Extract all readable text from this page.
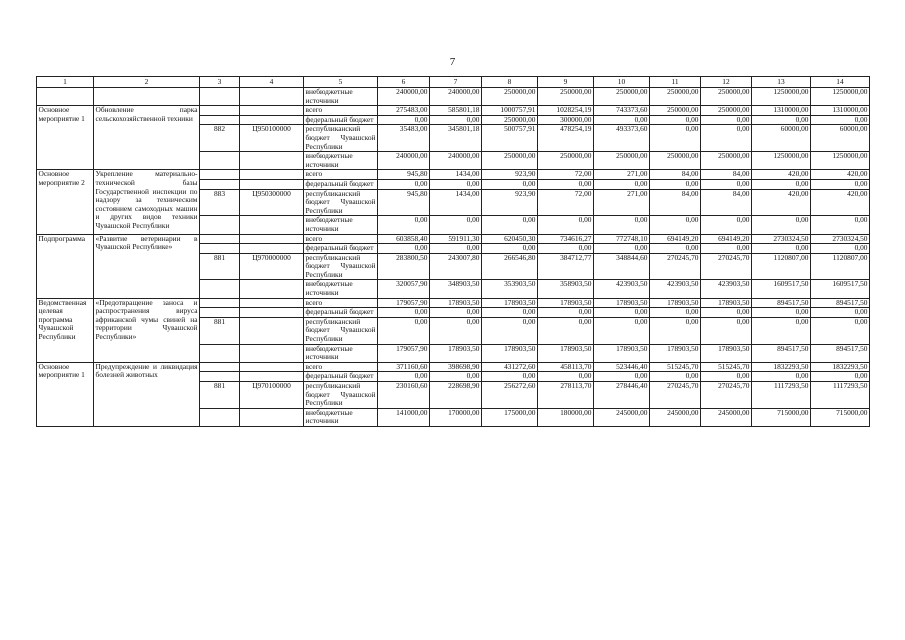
7
1	2	3	4	5	6	7	8	9	10	11	12	13	14
				внебюджетные источники	240000,00	240000,00	250000,00	250000,00	250000,00	250000,00	250000,00	1250000,00	1250000,00
Основное мероприятие 1	Обновление парка сельскохозяйственной техники			всего	275483,00	585801,18	1000757,91	1028254,19	743373,60	250000,00	250000,00	1310000,00	1310000,00
				федеральный бюджет	0,00	0,00	250000,00	300000,00	0,00	0,00	0,00	0,00	0,00
		882	Ц950100000	республиканский бюджет Чувашской Республики	35483,00	345801,18	500757,91	478254,19	493373,60	0,00	0,00	60000,00	60000,00
				внебюджетные источники	240000,00	240000,00	250000,00	250000,00	250000,00	250000,00	250000,00	1250000,00	1250000,00
Основное мероприятие 2	Укрепление материально-технической базы Государственной инспекции по надзору за техническим состоянием самоходных машин и других видов техники Чувашской Республики			всего	945,80	1434,00	923,90	72,00	271,00	84,00	84,00	420,00	420,00
				федеральный бюджет	0,00	0,00	0,00	0,00	0,00	0,00	0,00	0,00	0,00
		883	Ц950300000	республиканский бюджет Чувашской Республики	945,80	1434,00	923,90	72,00	271,00	84,00	84,00	420,00	420,00
				внебюджетные источники	0,00	0,00	0,00	0,00	0,00	0,00	0,00	0,00	0,00
Подпрограмма	«Развитие ветеринарии в Чувашской Республике»			всего	603858,40	591911,30	620450,30	734616,27	772748,10	694149,20	694149,20	2730324,50	2730324,50
				федеральный бюджет	0,00	0,00	0,00	0,00	0,00	0,00	0,00	0,00	0,00
		881	Ц970000000	республиканский бюджет Чувашской Республики	283800,50	243007,80	266546,80	384712,77	348844,60	270245,70	270245,70	1120807,00	1120807,00
				внебюджетные источники	320057,90	348903,50	353903,50	358903,50	423903,50	423903,50	423903,50	1609517,50	1609517,50
Ведомственная целевая программа Чувашской Республики	«Предотвращение заноса и распространения вируса африканской чумы свиней на территории Чувашской Республики»			всего	179057,90	178903,50	178903,50	178903,50	178903,50	178903,50	178903,50	894517,50	894517,50
				федеральный бюджет	0,00	0,00	0,00	0,00	0,00	0,00	0,00	0,00	0,00
		881		республиканский бюджет Чувашской Республики	0,00	0,00	0,00	0,00	0,00	0,00	0,00	0,00	0,00
				внебюджетные источники	179057,90	178903,50	178903,50	178903,50	178903,50	178903,50	178903,50	894517,50	894517,50
Основное мероприятие 1	Предупреждение и ликвидация болезней животных			всего	371160,60	398698,90	431272,60	458113,70	523446,40	515245,70	515245,70	1832293,50	1832293,50
				федеральный бюджет	0,00	0,00	0,00	0,00	0,00	0,00	0,00	0,00	0,00
		881	Ц970100000	республиканский бюджет Чувашской Республики	230160,60	228698,90	256272,60	278113,70	278446,40	270245,70	270245,70	1117293,50	1117293,50
				внебюджетные источники	141000,00	170000,00	175000,00	180000,00	245000,00	245000,00	245000,00	715000,00	715000,00
